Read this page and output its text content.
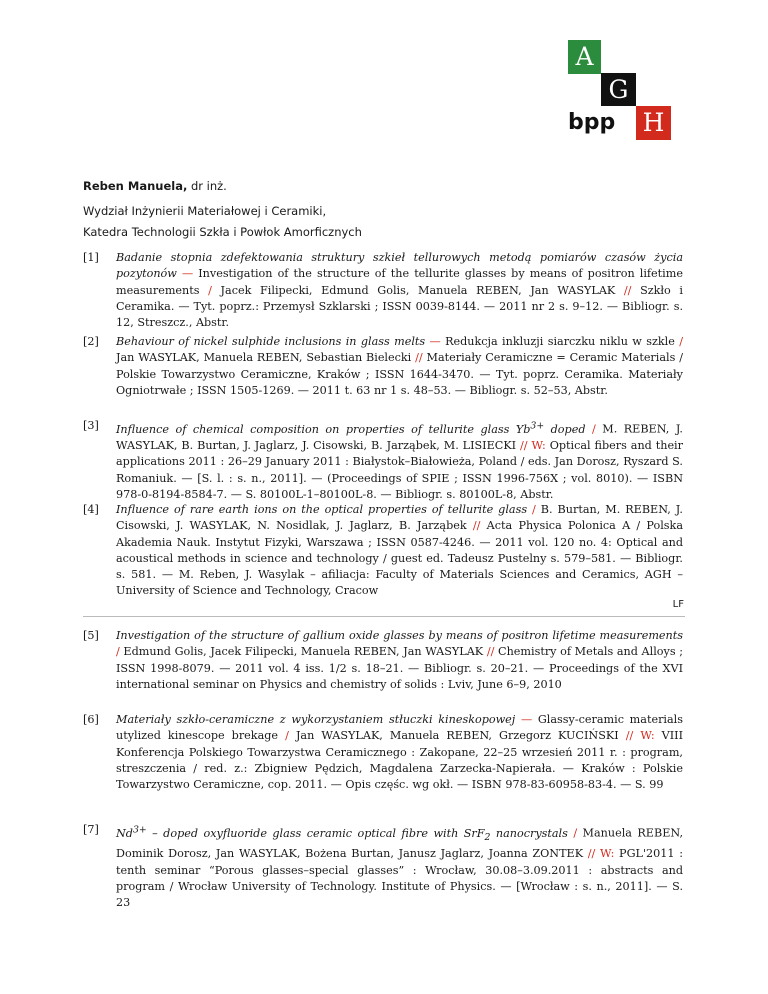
A
G
bpp	H
Reben Manuela, dr inż.
Wydział Inżynierii Materiałowej i Ceramiki,
Katedra Technologii Szkła i Powłok Amorficznych
[1] Badanie stopnia zdefektowania struktury szkieł tellurowych metodą pomiarów czasów życia pozytonów — Investigation of the structure of the tellurite glasses by means of positron lifetime measurements / Jacek Filipecki, Edmund Golis, Manuela REBEN, Jan WASYLAK // Szkło i Ceramika. — Tyt. poprz.: Przemysł Szklarski ; ISSN 0039-8144. — 2011 nr 2 s. 9–12. — Bibliogr. s. 12, Streszcz., Abstr.
[2] Behaviour of nickel sulphide inclusions in glass melts — Redukcja inkluzji siarczku niklu w szkle / Jan WASYLAK, Manuela REBEN, Sebastian Bielecki // Materiały Ceramiczne = Ceramic Materials / Polskie Towarzystwo Ceramiczne, Kraków ; ISSN 1644-3470. — Tyt. poprz. Ceramika. Materiały Ogniotrwałe ; ISSN 1505-1269. — 2011 t. 63 nr 1 s. 48–53. — Bibliogr. s. 52–53, Abstr.
[3] Influence of chemical composition on properties of tellurite glass $Yb^{3+}$ doped / M. REBEN, J. WASYLAK, B. Burtan, J. Jaglarz, J. Cisowski, B. Jarząbek, M. LISIECKI // W: Optical fibers and their applications 2011 : 26–29 January 2011 : Białystok–Białowieża, Poland / eds. Jan Dorosz, Ryszard S. Romaniuk. — [S. l. : s. n., 2011]. — (Proceedings of SPIE ; ISSN 1996-756X ; vol. 8010). — ISBN 978-0-8194-8584-7. — S. 80100L-1–80100L-8. — Bibliogr. s. 80100L-8, Abstr.
[4] Influence of rare earth ions on the optical properties of tellurite glass / B. Burtan, M. REBEN, J. Cisowski, J. WASYLAK, N. Nosidlak, J. Jaglarz, B. Jarząbek // Acta Physica Polonica A / Polska Akademia Nauk. Instytut Fizyki, Warszawa ; ISSN 0587-4246. — 2011 vol. 120 no. 4: Optical and acoustical methods in science and technology / guest ed. Tadeusz Pustelny s. 579–581. — Bibliogr. s. 581. — M. Reben, J. Wasylak – afiliacja: Faculty of Materials Sciences and Ceramics, AGH – University of Science and Technology, Cracow
LF
[5] Investigation of the structure of gallium oxide glasses by means of positron lifetime measurements / Edmund Golis, Jacek Filipecki, Manuela REBEN, Jan WASYLAK // Chemistry of Metals and Alloys ; ISSN 1998-8079. — 2011 vol. 4 iss. 1/2 s. 18–21. — Bibliogr. s. 20–21. — Proceedings of the XVI international seminar on Physics and chemistry of solids : Lviv, June 6–9, 2010
[6] Materiały szkło-ceramiczne z wykorzystaniem stłuczki kineskopowej — Glassy-ceramic materials utylized kinescope brekage / Jan WASYLAK, Manuela REBEN, Grzegorz KUCIŃSKI // W: VIII Konferencja Polskiego Towarzystwa Ceramicznego : Zakopane, 22–25 wrzesień 2011 r. : program, streszczenia / red. z.: Zbigniew Pędzich, Magdalena Zarzecka-Napierała. — Kraków : Polskie Towarzystwo Ceramiczne, cop. 2011. — Opis częśc. wg okł. — ISBN 978-83-60958-83-4. — S. 99
[7] $Nd^{3+}$ – doped oxyfluoride glass ceramic optical fibre with SrF$_2$ nanocrystals / Manuela REBEN, Dominik Dorosz, Jan WASYLAK, Bożena Burtan, Janusz Jaglarz, Joanna ZONTEK // W: PGL'2011 : tenth seminar “Porous glasses–special glasses” : Wrocław, 30.08–3.09.2011 : abstracts and program / Wrocław University of Technology. Institute of Physics. — [Wrocław : s. n., 2011]. — S. 23
